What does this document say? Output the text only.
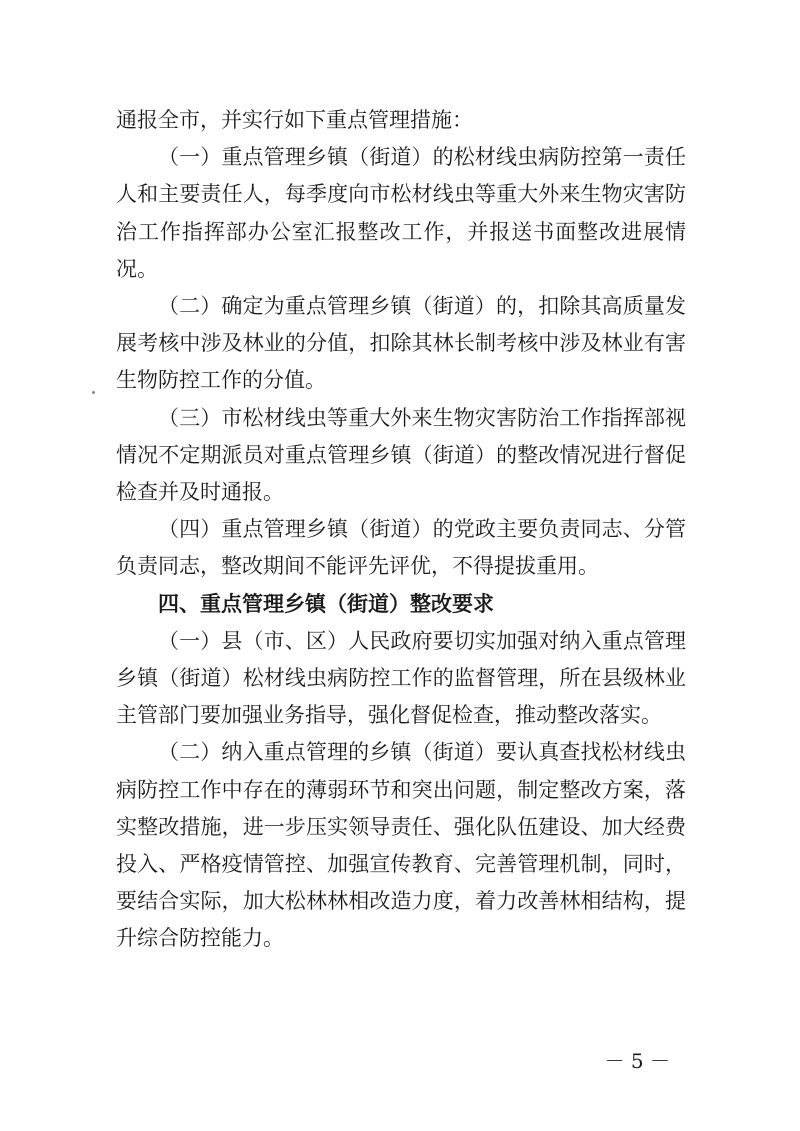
通报全市，并实行如下重点管理措施：

（一）重点管理乡镇（街道）的松材线虫病防控第一责任人和主要责任人，每季度向市松材线虫等重大外来生物灾害防治工作指挥部办公室汇报整改工作，并报送书面整改进展情况。

（二）确定为重点管理乡镇（街道）的，扣除其高质量发展考核中涉及林业的分值，扣除其林长制考核中涉及林业有害生物防控工作的分值。

（三）市松材线虫等重大外来生物灾害防治工作指挥部视情况不定期派员对重点管理乡镇（街道）的整改情况进行督促检查并及时通报。

（四）重点管理乡镇（街道）的党政主要负责同志、分管负责同志，整改期间不能评先评优，不得提拔重用。

四、重点管理乡镇（街道）整改要求

（一）县（市、区）人民政府要切实加强对纳入重点管理乡镇（街道）松材线虫病防控工作的监督管理，所在县级林业主管部门要加强业务指导，强化督促检查，推动整改落实。

（二）纳入重点管理的乡镇（街道）要认真查找松材线虫病防控工作中存在的薄弱环节和突出问题，制定整改方案，落实整改措施，进一步压实领导责任、强化队伍建设、加大经费投入、严格疫情管控、加强宣传教育、完善管理机制，同时，要结合实际，加大松林林相改造力度，着力改善林相结构，提升综合防控能力。

－ 5 －
